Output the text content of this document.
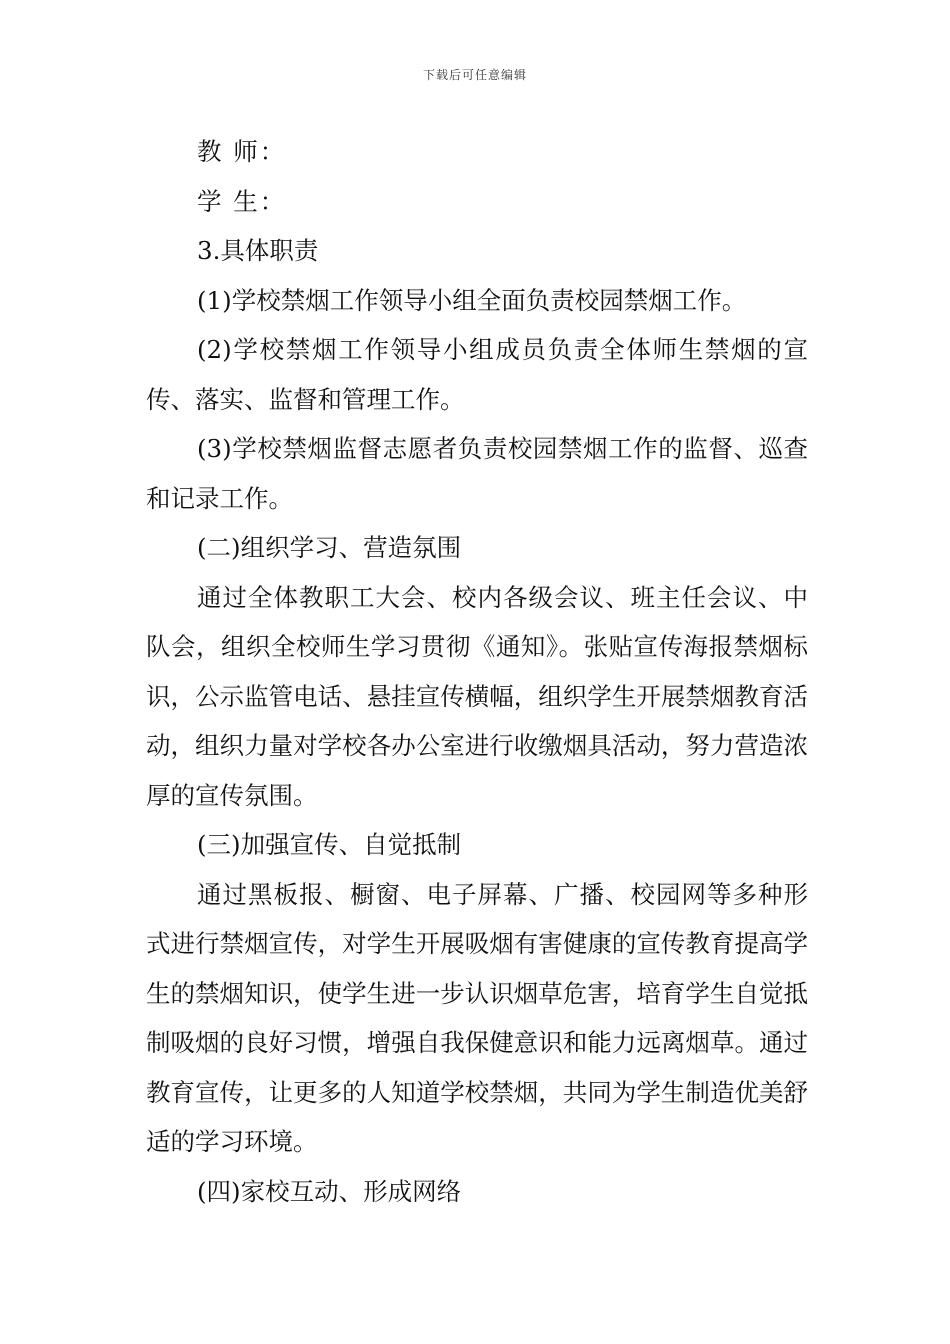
下载后可任意编辑

教 师：

学 生：

3.具体职责

(1)学校禁烟工作领导小组全面负责校园禁烟工作。

(2)学校禁烟工作领导小组成员负责全体师生禁烟的宣传、落实、监督和管理工作。

(3)学校禁烟监督志愿者负责校园禁烟工作的监督、巡查和记录工作。

(二)组织学习、营造氛围

通过全体教职工大会、校内各级会议、班主任会议、中队会，组织全校师生学习贯彻《通知》。张贴宣传海报禁烟标识，公示监管电话、悬挂宣传横幅，组织学生开展禁烟教育活动，组织力量对学校各办公室进行收缴烟具活动，努力营造浓厚的宣传氛围。

(三)加强宣传、自觉抵制

通过黑板报、橱窗、电子屏幕、广播、校园网等多种形式进行禁烟宣传，对学生开展吸烟有害健康的宣传教育提高学生的禁烟知识，使学生进一步认识烟草危害，培育学生自觉抵制吸烟的良好习惯，增强自我保健意识和能力远离烟草。通过教育宣传，让更多的人知道学校禁烟，共同为学生制造优美舒适的学习环境。

(四)家校互动、形成网络
